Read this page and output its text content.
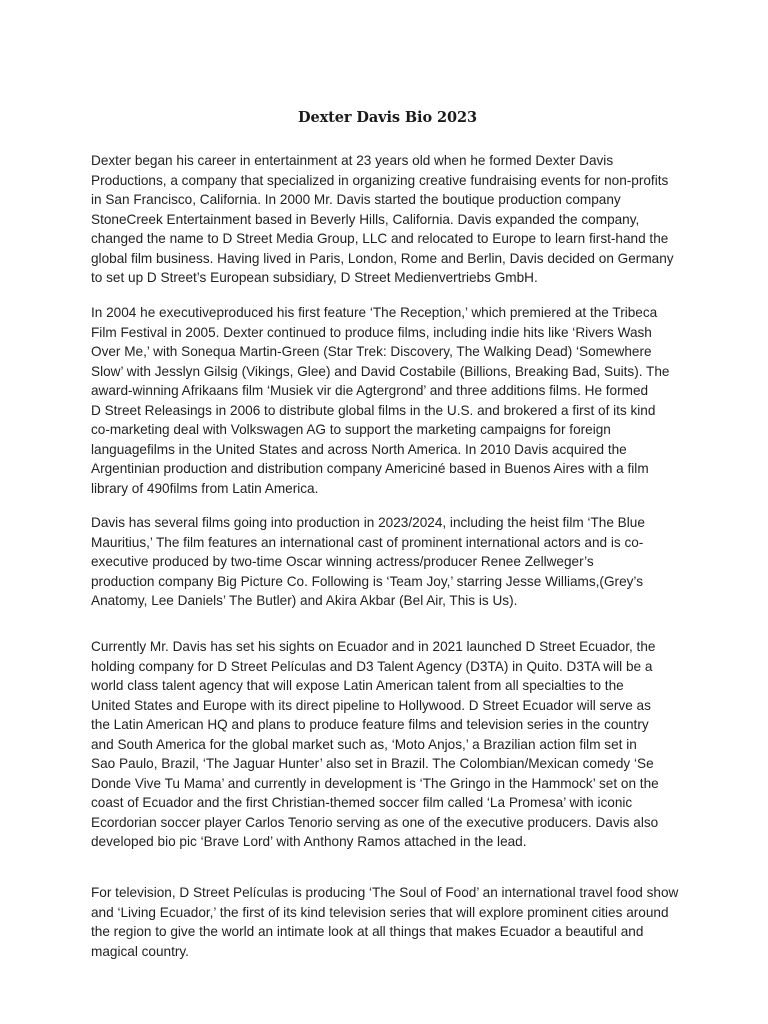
Dexter Davis Bio 2023
Dexter began his career in entertainment at 23 years old when he formed Dexter Davis
Productions, a company that specialized in organizing creative fundraising events for non-profits
in San Francisco, California. In 2000 Mr. Davis started the boutique production company
StoneCreek Entertainment based in Beverly Hills, California. Davis expanded the company,
changed the name to D Street Media Group, LLC and relocated to Europe to learn first-hand the
global film business. Having lived in Paris, London, Rome and Berlin, Davis decided on Germany
to set up D Street’s European subsidiary, D Street Medienvertriebs GmbH.
In 2004 he executiveproduced his first feature ‘The Reception,’ which premiered at the Tribeca
Film Festival in 2005. Dexter continued to produce films, including indie hits like ‘Rivers Wash
Over Me,’ with Sonequa Martin-Green (Star Trek: Discovery, The Walking Dead) ‘Somewhere
Slow’ with Jesslyn Gilsig (Vikings, Glee) and David Costabile (Billions, Breaking Bad, Suits). The
award-winning Afrikaans film ‘Musiek vir die Agtergrond’ and three additions films. He formed
D Street Releasings in 2006 to distribute global films in the U.S. and brokered a first of its kind
co-marketing deal with Volkswagen AG to support the marketing campaigns for foreign
languagefilms in the United States and across North America. In 2010 Davis acquired the
Argentinian production and distribution company Americiné based in Buenos Aires with a film
library of 490films from Latin America.
Davis has several films going into production in 2023/2024, including the heist film ‘The Blue
Mauritius,’ The film features an international cast of prominent international actors and is co-
executive produced by two-time Oscar winning actress/producer Renee Zellweger’s
production company Big Picture Co. Following is ‘Team Joy,’ starring Jesse Williams,(Grey’s
Anatomy, Lee Daniels’ The Butler) and Akira Akbar (Bel Air, This is Us).
Currently Mr. Davis has set his sights on Ecuador and in 2021 launched D Street Ecuador, the
holding company for D Street Películas and D3 Talent Agency (D3TA) in Quito. D3TA will be a
world class talent agency that will expose Latin American talent from all specialties to the
United States and Europe with its direct pipeline to Hollywood. D Street Ecuador will serve as
the Latin American HQ and plans to produce feature films and television series in the country
and South America for the global market such as, ‘Moto Anjos,’ a Brazilian action film set in
Sao Paulo, Brazil, ‘The Jaguar Hunter’ also set in Brazil. The Colombian/Mexican comedy ‘Se
Donde Vive Tu Mama’ and currently in development is ‘The Gringo in the Hammock’ set on the
coast of Ecuador and the first Christian-themed soccer film called ‘La Promesa’ with iconic
Ecordorian soccer player Carlos Tenorio serving as one of the executive producers. Davis also
developed bio pic ‘Brave Lord’ with Anthony Ramos attached in the lead.
For television, D Street Películas is producing ‘The Soul of Food’ an international travel food show
and ‘Living Ecuador,’ the first of its kind television series that will explore prominent cities around
the region to give the world an intimate look at all things that makes Ecuador a beautiful and
magical country.
